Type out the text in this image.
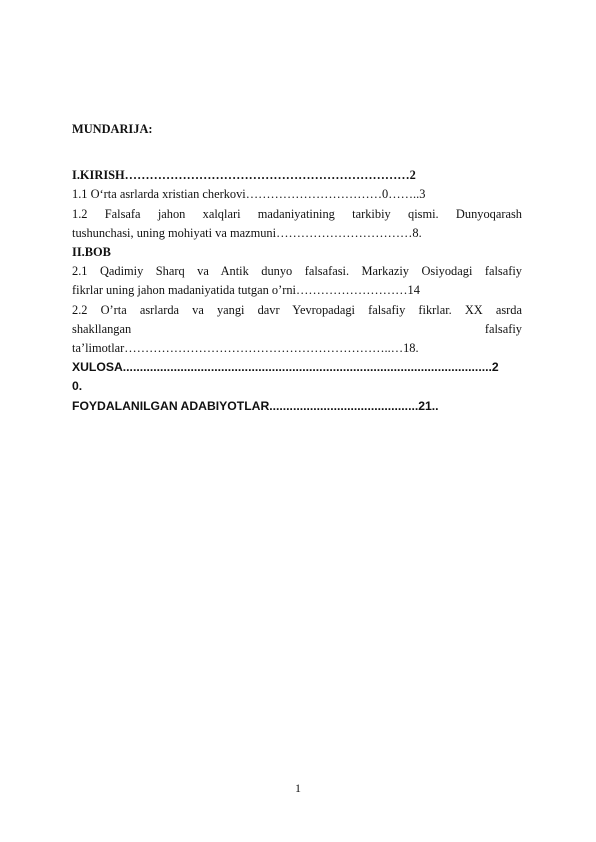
MUNDARIJA:
I.KIRISH……………………………………………………………2
1.1 O‘rta asrlarda xristian cherkovi……………………………0……..3
1.2 Falsafa jahon xalqlari madaniyatining tarkibiy qismi. Dunyoqarash
tushunchasi, uning mohiyati va mazmuni……………………………8.
II.BOB
2.1 Qadimiy Sharq va Antik dunyo falsafasi. Markaziy Osiyodagi falsafiy
fikrlar uning jahon madaniyatida tutgan o’rni………………………14
2.2 O’rta asrlarda va yangi davr Yevropadagi falsafiy fikrlar. XX asrda
shakllangan	falsafiy
ta’limotlar………………………………………………………..…18.
XULOSA.............................................................................................................2
0.
FOYDALANILGAN ADABIYOTLAR............................................21..
1
